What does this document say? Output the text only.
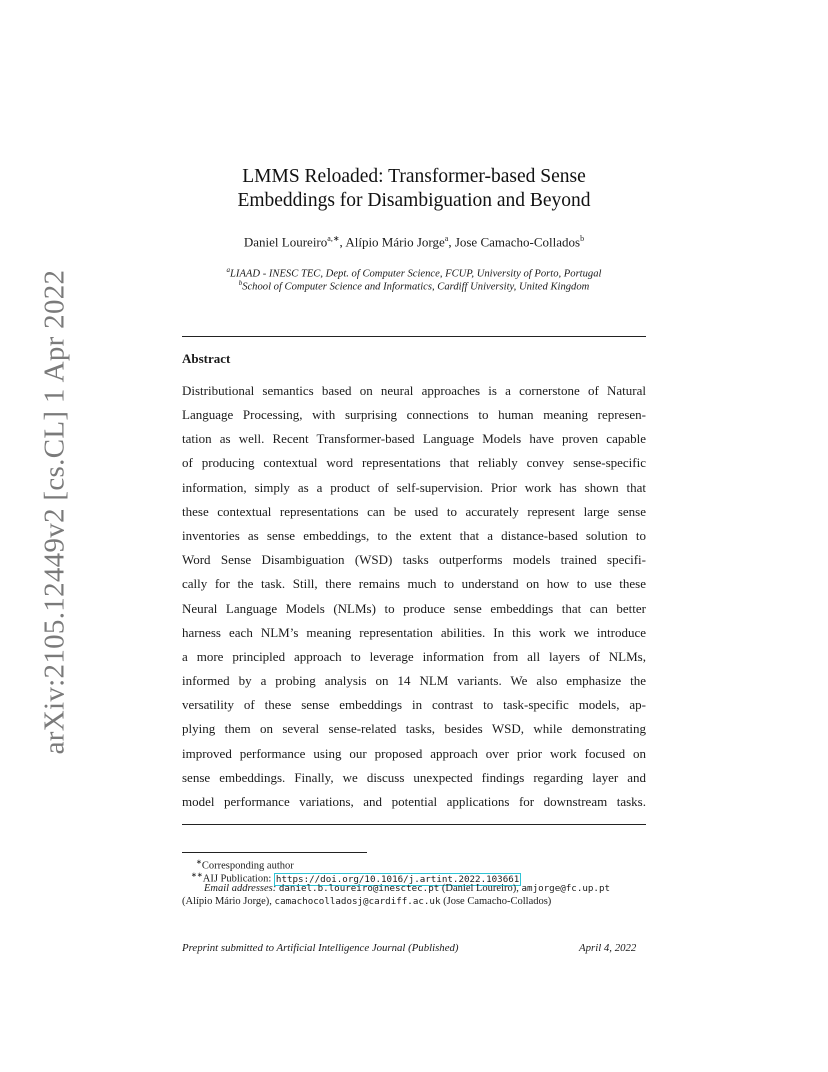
arXiv:2105.12449v2 [cs.CL] 1 Apr 2022
LMMS Reloaded: Transformer-based Sense
Embeddings for Disambiguation and Beyond
Daniel Loureiro$^{a,∗}$, Alípio Mário Jorge$^a$, Jose Camacho-Collados$^b$
$^a$LIAAD - INESC TEC, Dept. of Computer Science, FCUP, University of Porto, Portugal
$^b$School of Computer Science and Informatics, Cardiff University, United Kingdom
Abstract
Distributional semantics based on neural approaches is a cornerstone of Natural
Language Processing, with surprising connections to human meaning represen-
tation as well. Recent Transformer-based Language Models have proven capable
of producing contextual word representations that reliably convey sense-specific
information, simply as a product of self-supervision. Prior work has shown that
these contextual representations can be used to accurately represent large sense
inventories as sense embeddings, to the extent that a distance-based solution to
Word Sense Disambiguation (WSD) tasks outperforms models trained specifi-
cally for the task. Still, there remains much to understand on how to use these
Neural Language Models (NLMs) to produce sense embeddings that can better
harness each NLM’s meaning representation abilities. In this work we introduce
a more principled approach to leverage information from all layers of NLMs,
informed by a probing analysis on 14 NLM variants. We also emphasize the
versatility of these sense embeddings in contrast to task-specific models, ap-
plying them on several sense-related tasks, besides WSD, while demonstrating
improved performance using our proposed approach over prior work focused on
sense embeddings. Finally, we discuss unexpected findings regarding layer and
model performance variations, and potential applications for downstream tasks.
∗Corresponding author
∗∗AIJ Publication: https://doi.org/10.1016/j.artint.2022.103661
Email addresses: daniel.b.loureiro@inesctec.pt (Daniel Loureiro), amjorge@fc.up.pt
(Alípio Mário Jorge), camachocolladosj@cardiff.ac.uk (Jose Camacho-Collados)
Preprint submitted to Artificial Intelligence Journal (Published)	April 4, 2022
